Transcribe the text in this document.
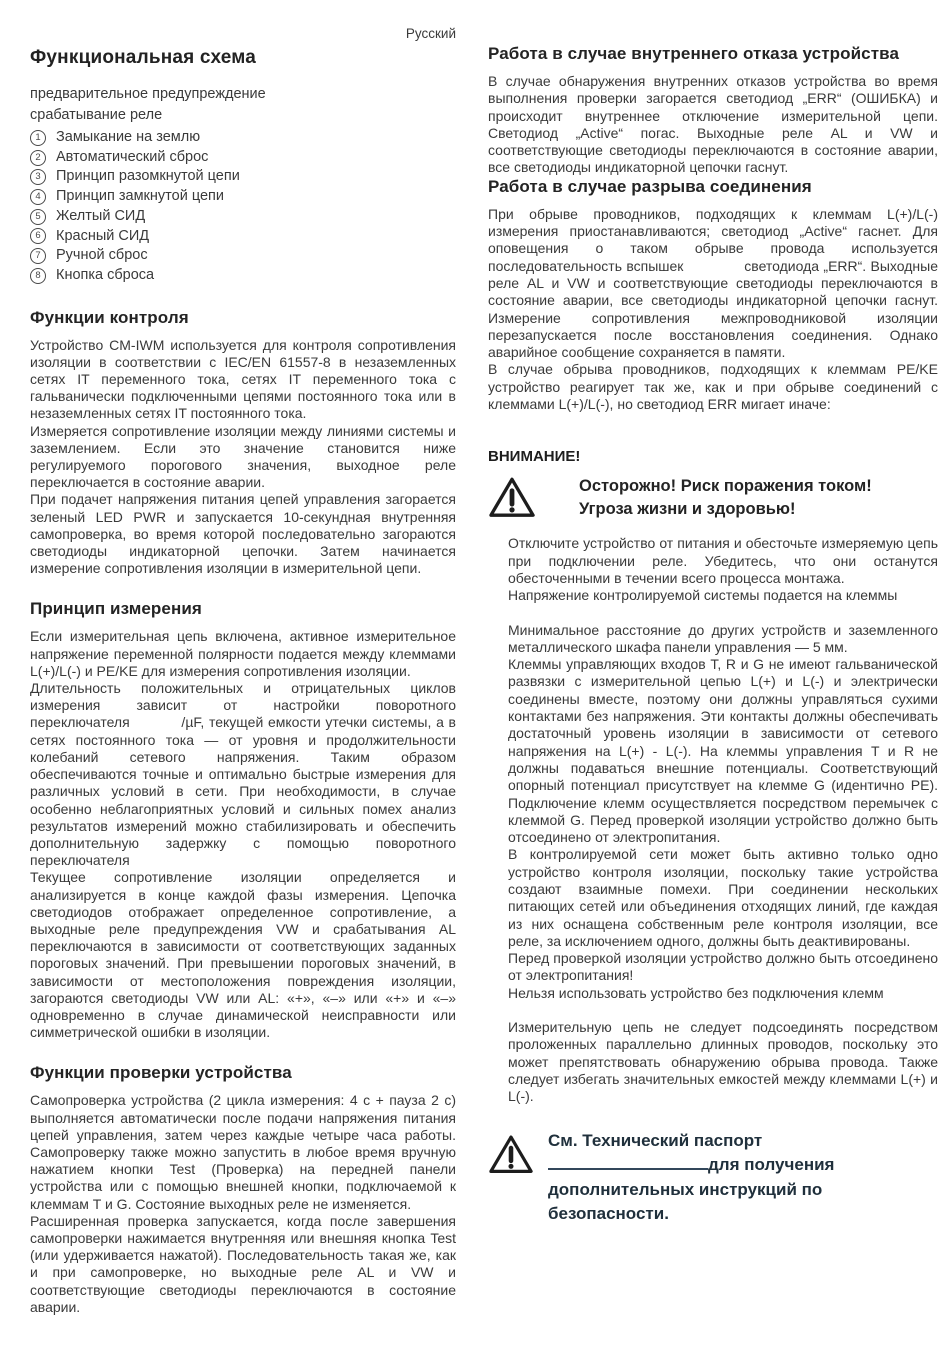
Русский
Функциональная схема
предварительное предупреждение
срабатывание реле
1	Замыкание на землю
2	Автоматический сброс
3	Принцип разомкнутой цепи
4	Принцип замкнутой цепи
5	Желтый СИД
6	Красный СИД
7	Ручной сброс
8	Кнопка сброса
Функции контроля

Устройство CM-IWM используется для контроля сопротивления изоляции в соответствии с IEC/EN 61557-8 в незаземленных сетях IT переменного тока, сетях IT переменного тока с гальванически подключенными цепями постоянного тока или в незаземленных сетях IT постоянного тока.

Измеряется сопротивление изоляции между линиями системы и заземлением. Если это значение становится ниже регулируемого порогового значения, выходное реле переключается в состояние аварии.

При подачет напряжения питания цепей управления загорается зеленый LED PWR и запускается 10-секундная внутренняя самопроверка, во время которой последовательно загораются светодиоды индикаторной цепочки. Затем начинается измерение сопротивления изоляции в измерительной цепи.

Принцип измерения

Если измерительная цепь включена, активное измерительное напряжение переменной полярности подается между клеммами L(+)/L(-) и PE/KE для измерения сопротивления изоляции.

Длительность положительных и отрицательных циклов измерения зависит от настройки поворотного переключателя           /µF, текущей емкости утечки системы, а в сетях постоянного тока — от уровня и продолжительности колебаний сетевого напряжения. Таким образом обеспечиваются точные и оптимально быстрые измерения для различных условий в сети. При необходимости, в случае особенно неблагоприятных условий и сильных помех анализ результатов измерений можно стабилизировать и обеспечить дополнительную задержку с помощью поворотного переключателя

Текущее сопротивление изоляции определяется и анализируется в конце каждой фазы измерения. Цепочка светодиодов отображает определенное сопротивление, а выходные реле предупреждения VW и срабатывания AL переключаются в зависимости от соответствующих заданных пороговых значений. При превышении пороговых значений, в зависимости от местоположения повреждения изоляции, загораются светодиоды VW или AL: «+», «–» или «+» и «–» одновременно в случае динамической неисправности или симметрической ошибки в изоляции.

Функции проверки устройства

Самопроверка устройства (2 цикла измерения: 4 с + пауза 2 с) выполняется автоматически после подачи напряжения питания цепей управления, затем через каждые четыре часа работы. Самопроверку также можно запустить в любое время вручную нажатием кнопки Test (Проверка) на передней панели устройства или с помощью внешней кнопки, подключаемой к клеммам T и G. Состояние выходных реле не изменяется.

Расширенная проверка запускается, когда после завершения самопроверки нажимается внутренняя или внешняя кнопка Test (или удерживается нажатой). Последовательность такая же, как и при самопроверке, но выходные реле AL и VW и соответствующие светодиоды переключаются в состояние аварии.

Работа в случае внутреннего отказа устройства

В случае обнаружения внутренних отказов устройства во время выполнения проверки загорается светодиод „ERR“ (ОШИБКА) и происходит внутреннее отключение измерительной цепи. Светодиод „Active“ погас. Выходные реле AL и VW и соответствующие светодиоды переключаются в состояние аварии, все светодиоды индикаторной цепочки гаснут.

Работа в случае разрыва соединения

При обрыве проводников, подходящих к клеммам L(+)/L(-) измерения приостанавливаются; светодиод „Active“ гаснет. Для оповещения о таком обрыве провода используется последовательность вспышек              светодиода „ERR“. Выходные реле AL и VW и соответствующие светодиоды переключаются в состояние аварии, все светодиоды индикаторной цепочки гаснут. Измерение сопротивления межпроводниковой изоляции перезапускается после восстановления соединения. Однако аварийное сообщение сохраняется в памяти.

В случае обрыва проводников, подходящих к клеммам PE/KE устройство реагирует так же, как и при обрыве соединений с клеммами L(+)/L(-), но светодиод ERR мигает иначе:

ВНИМАНИЕ!
Осторожно! Риск поражения током!
Угроза жизни и здоровью!

Отключите устройство от питания и обесточьте измеряемую цепь при подключении реле. Убедитесь, что они останутся обесточенными в течении всего процесса монтажа.

Напряжение контролируемой системы подается на клеммы

Минимальное расстояние до других устройств и заземленного металлического шкафа панели управления — 5 мм.

Клеммы управляющих входов T, R и G не имеют гальванической развязки с измерительной цепью L(+) и L(-) и электрически соединены вместе, поэтому они должны управляться сухими контактами без напряжения. Эти контакты должны обеспечивать достаточный уровень изоляции в зависимости от сетевого напряжения на L(+) - L(-). На клеммы управления T и R не должны подаваться внешние потенциалы. Соответствующий опорный потенциал присутствует на клемме G (идентично PE). Подключение клемм осуществляется посредством перемычек с клеммой G. Перед проверкой изоляции устройство должно быть отсоединено от электропитания.

В контролируемой сети может быть активно только одно устройство контроля изоляции, поскольку такие устройства создают взаимные помехи. При соединении нескольких питающих сетей или объединения отходящих линий, где каждая из них оснащена собственным реле контроля изоляции, все реле, за исключением одного, должны быть деактивированы.

Перед проверкой изоляции устройство должно быть отсоединено от электропитания!

Нельзя использовать устройство без подключения клемм

Измерительную цепь не следует подсоединять посредством проложенных параллельно длинных проводов, поскольку это может препятствовать обнаружению обрыва провода. Также следует избегать значительных емкостей между клеммами L(+) и L(-).

См. Технический паспорт
для получения
дополнительных инструкций по
безопасности.
